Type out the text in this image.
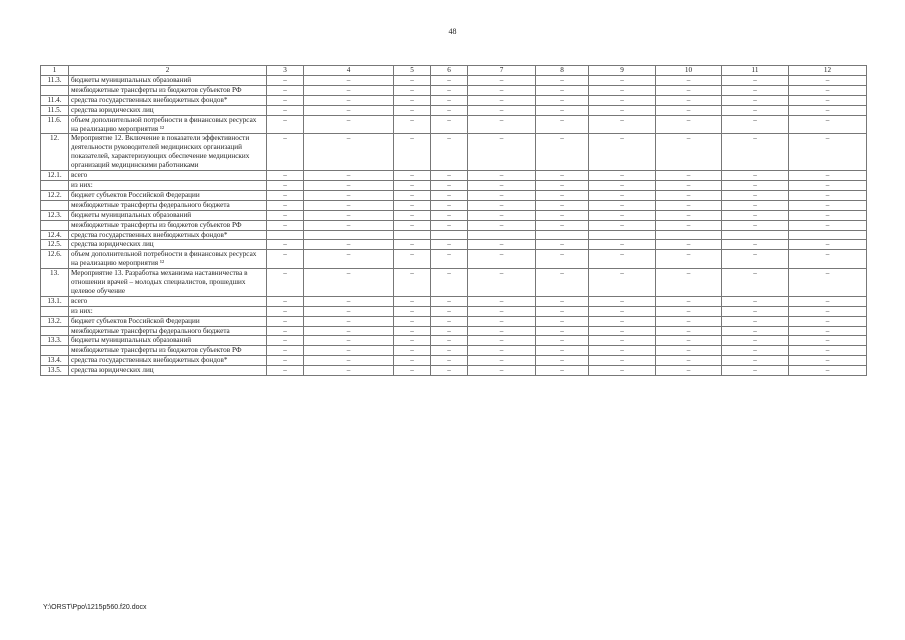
48
1	2	3	4	5	6	7	8	9	10	11	12
11.3.	бюджеты муниципальных образований	–	–	–	–	–	–	–	–	–	–
	межбюджетные трансферты из бюджетов субъектов РФ	–	–	–	–	–	–	–	–	–	–
11.4.	средства государственных внебюджетных фондов*	–	–	–	–	–	–	–	–	–	–
11.5.	средства юридических лиц	–	–	–	–	–	–	–	–	–	–
11.6.	объем дополнительной потребности в финансовых ресурсах на реализацию мероприятия ¹²	–	–	–	–	–	–	–	–	–	–
12.	Мероприятие 12. Включение в показатели эффективности деятельности руководителей медицинских организаций показателей, характеризующих обеспечение медицинских организаций медицинскими работниками	–	–	–	–	–	–	–	–	–	–
12.1.	всего	–	–	–	–	–	–	–	–	–	–
	из них:	–	–	–	–	–	–	–	–	–	–
12.2.	бюджет субъектов Российской Федерации	–	–	–	–	–	–	–	–	–	–
	межбюджетные трансферты федерального бюджета	–	–	–	–	–	–	–	–	–	–
12.3.	бюджеты муниципальных образований	–	–	–	–	–	–	–	–	–	–
	межбюджетные трансферты из бюджетов субъектов РФ	–	–	–	–	–	–	–	–	–	–
12.4.	средства государственных внебюджетных фондов*										
12.5.	средства юридических лиц	–	–	–	–	–	–	–	–	–	–
12.6.	объем дополнительной потребности в финансовых ресурсах на реализацию мероприятия ¹²	–	–	–	–	–	–	–	–	–	–
13.	Мероприятие 13. Разработка механизма наставничества в отношении врачей – молодых специалистов, прошедших целевое обучение	–	–	–	–	–	–	–	–	–	–
13.1.	всего	–	–	–	–	–	–	–	–	–	–
	из них:	–	–	–	–	–	–	–	–	–	–
13.2.	бюджет субъектов Российской Федерации	–	–	–	–	–	–	–	–	–	–
	межбюджетные трансферты федерального бюджета	–	–	–	–	–	–	–	–	–	–
13.3.	бюджеты муниципальных образований	–	–	–	–	–	–	–	–	–	–
	межбюджетные трансферты из бюджетов субъектов РФ	–	–	–	–	–	–	–	–	–	–
13.4.	средства государственных внебюджетных фондов*	–	–	–	–	–	–	–	–	–	–
13.5.	средства юридических лиц	–	–	–	–	–	–	–	–	–	–
Y:\ORST\Ppo\1215p560.f20.docx
